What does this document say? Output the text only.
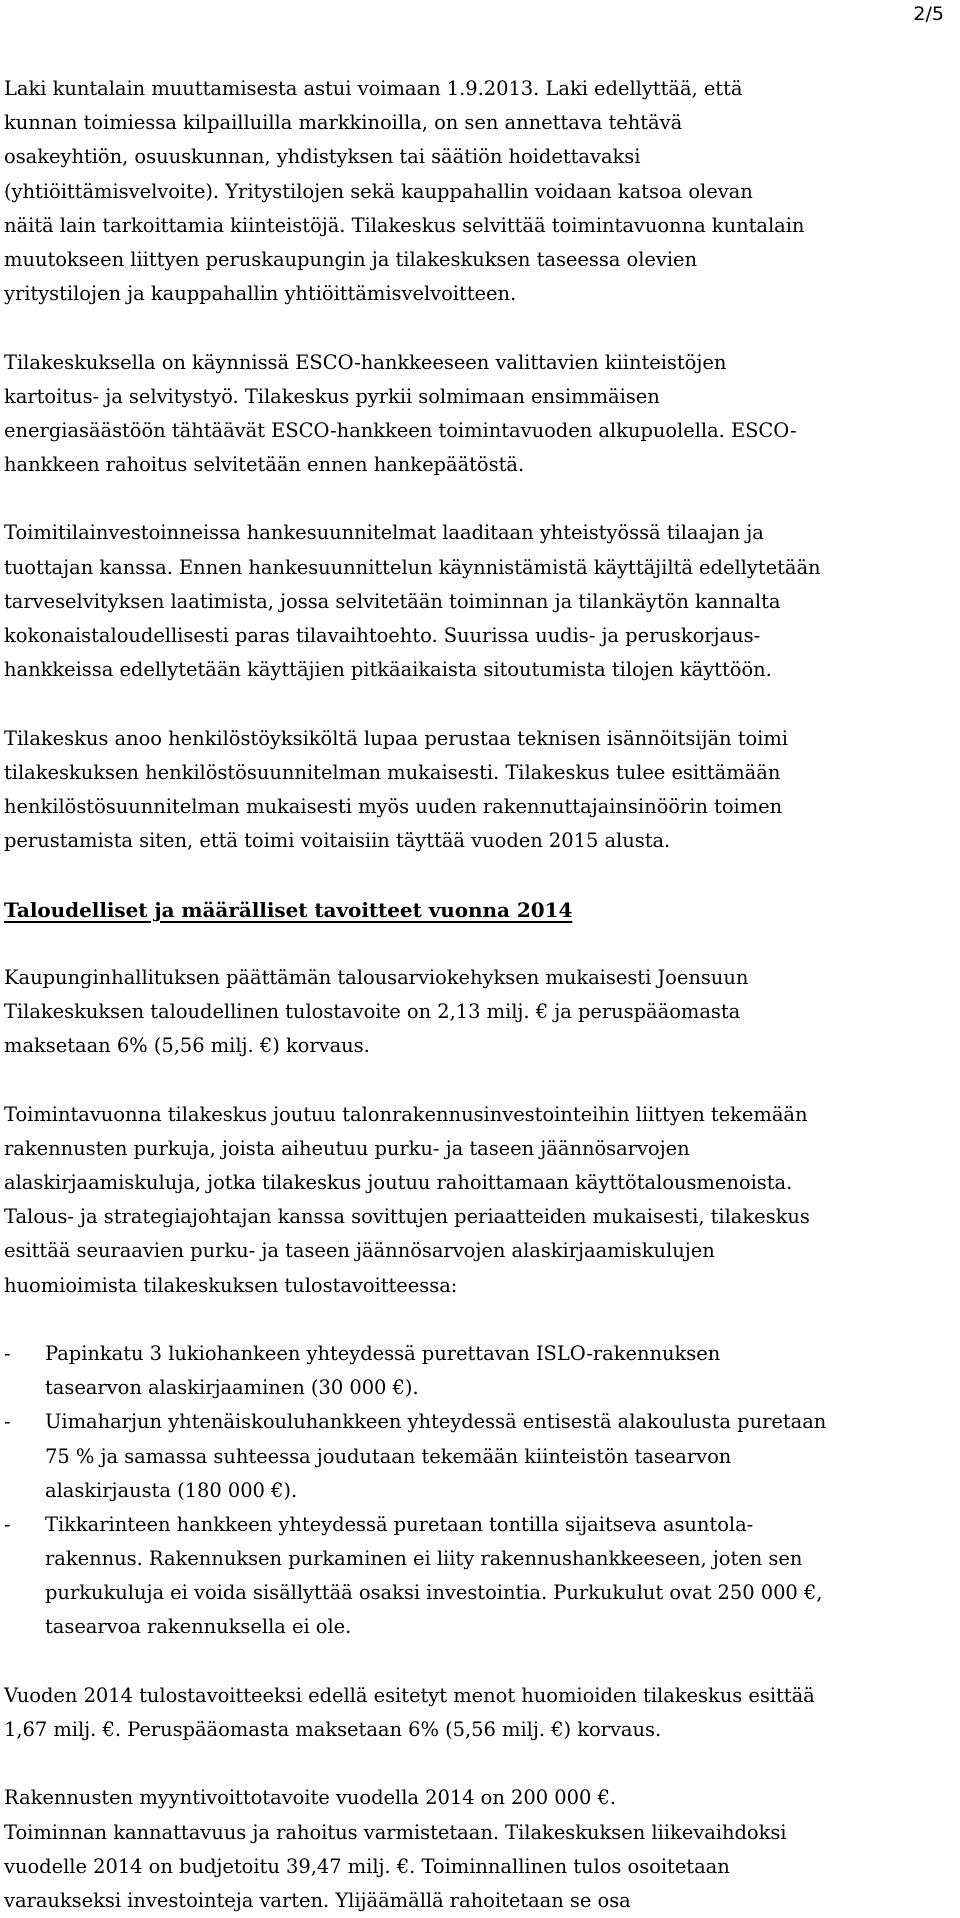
2/5
Laki kuntalain muuttamisesta astui voimaan 1.9.2013. Laki edellyttää, että
kunnan toimiessa kilpailluilla markkinoilla, on sen annettava tehtävä
osakeyhtiön, osuuskunnan, yhdistyksen tai säätiön hoidettavaksi
(yhtiöittämisvelvoite). Yritystilojen sekä kauppahallin voidaan katsoa olevan
näitä lain tarkoittamia kiinteistöjä. Tilakeskus selvittää toimintavuonna kuntalain
muutokseen liittyen peruskaupungin ja tilakeskuksen taseessa olevien
yritystilojen ja kauppahallin yhtiöittämisvelvoitteen.
Tilakeskuksella on käynnissä ESCO-hankkeeseen valittavien kiinteistöjen
kartoitus- ja selvitystyö. Tilakeskus pyrkii solmimaan ensimmäisen
energiasäästöön tähtäävät ESCO-hankkeen toimintavuoden alkupuolella. ESCO-
hankkeen rahoitus selvitetään ennen hankepäätöstä.
Toimitilainvestoinneissa hankesuunnitelmat laaditaan yhteistyössä tilaajan ja
tuottajan kanssa. Ennen hankesuunnittelun käynnistämistä käyttäjiltä edellytetään
tarveselvityksen laatimista, jossa selvitetään toiminnan ja tilankäytön kannalta
kokonaistaloudellisesti paras tilavaihtoehto. Suurissa uudis- ja peruskorjaus-
hankkeissa edellytetään käyttäjien pitkäaikaista sitoutumista tilojen käyttöön.
Tilakeskus anoo henkilöstöyksiköltä lupaa perustaa teknisen isännöitsijän toimi
tilakeskuksen henkilöstösuunnitelman mukaisesti. Tilakeskus tulee esittämään
henkilöstösuunnitelman mukaisesti myös uuden rakennuttajainsinöörin toimen
perustamista siten, että toimi voitaisiin täyttää vuoden 2015 alusta.
Taloudelliset ja määrälliset tavoitteet vuonna 2014
Kaupunginhallituksen päättämän talousarviokehyksen mukaisesti Joensuun
Tilakeskuksen taloudellinen tulostavoite on 2,13 milj. € ja peruspääomasta
maksetaan 6% (5,56 milj. €) korvaus.
Toimintavuonna tilakeskus joutuu talonrakennusinvestointeihin liittyen tekemään
rakennusten purkuja, joista aiheutuu purku- ja taseen jäännösarvojen
alaskirjaamiskuluja, jotka tilakeskus joutuu rahoittamaan käyttötalousmenoista.
Talous- ja strategiajohtajan kanssa sovittujen periaatteiden mukaisesti, tilakeskus
esittää seuraavien purku- ja taseen jäännösarvojen alaskirjaamiskulujen
huomioimista tilakeskuksen tulostavoitteessa:
- Papinkatu 3 lukiohankeen yhteydessä purettavan ISLO-rakennuksen
tasearvon alaskirjaaminen (30 000 €).
- Uimaharjun yhtenäiskouluhankkeen yhteydessä entisestä alakoulusta puretaan
75 % ja samassa suhteessa joudutaan tekemään kiinteistön tasearvon
alaskirjausta (180 000 €).
- Tikkarinteen hankkeen yhteydessä puretaan tontilla sijaitseva asuntola-
rakennus. Rakennuksen purkaminen ei liity rakennushankkeeseen, joten sen
purkukuluja ei voida sisällyttää osaksi investointia. Purkukulut ovat 250 000 €,
tasearvoa rakennuksella ei ole.
Vuoden 2014 tulostavoitteeksi edellä esitetyt menot huomioiden tilakeskus esittää
1,67 milj. €. Peruspääomasta maksetaan 6% (5,56 milj. €) korvaus.
Rakennusten myyntivoittotavoite vuodella 2014 on 200 000 €.
Toiminnan kannattavuus ja rahoitus varmistetaan. Tilakeskuksen liikevaihdoksi
vuodelle 2014 on budjetoitu 39,47 milj. €. Toiminnallinen tulos osoitetaan
varaukseksi investointeja varten. Ylijäämällä rahoitetaan se osa
